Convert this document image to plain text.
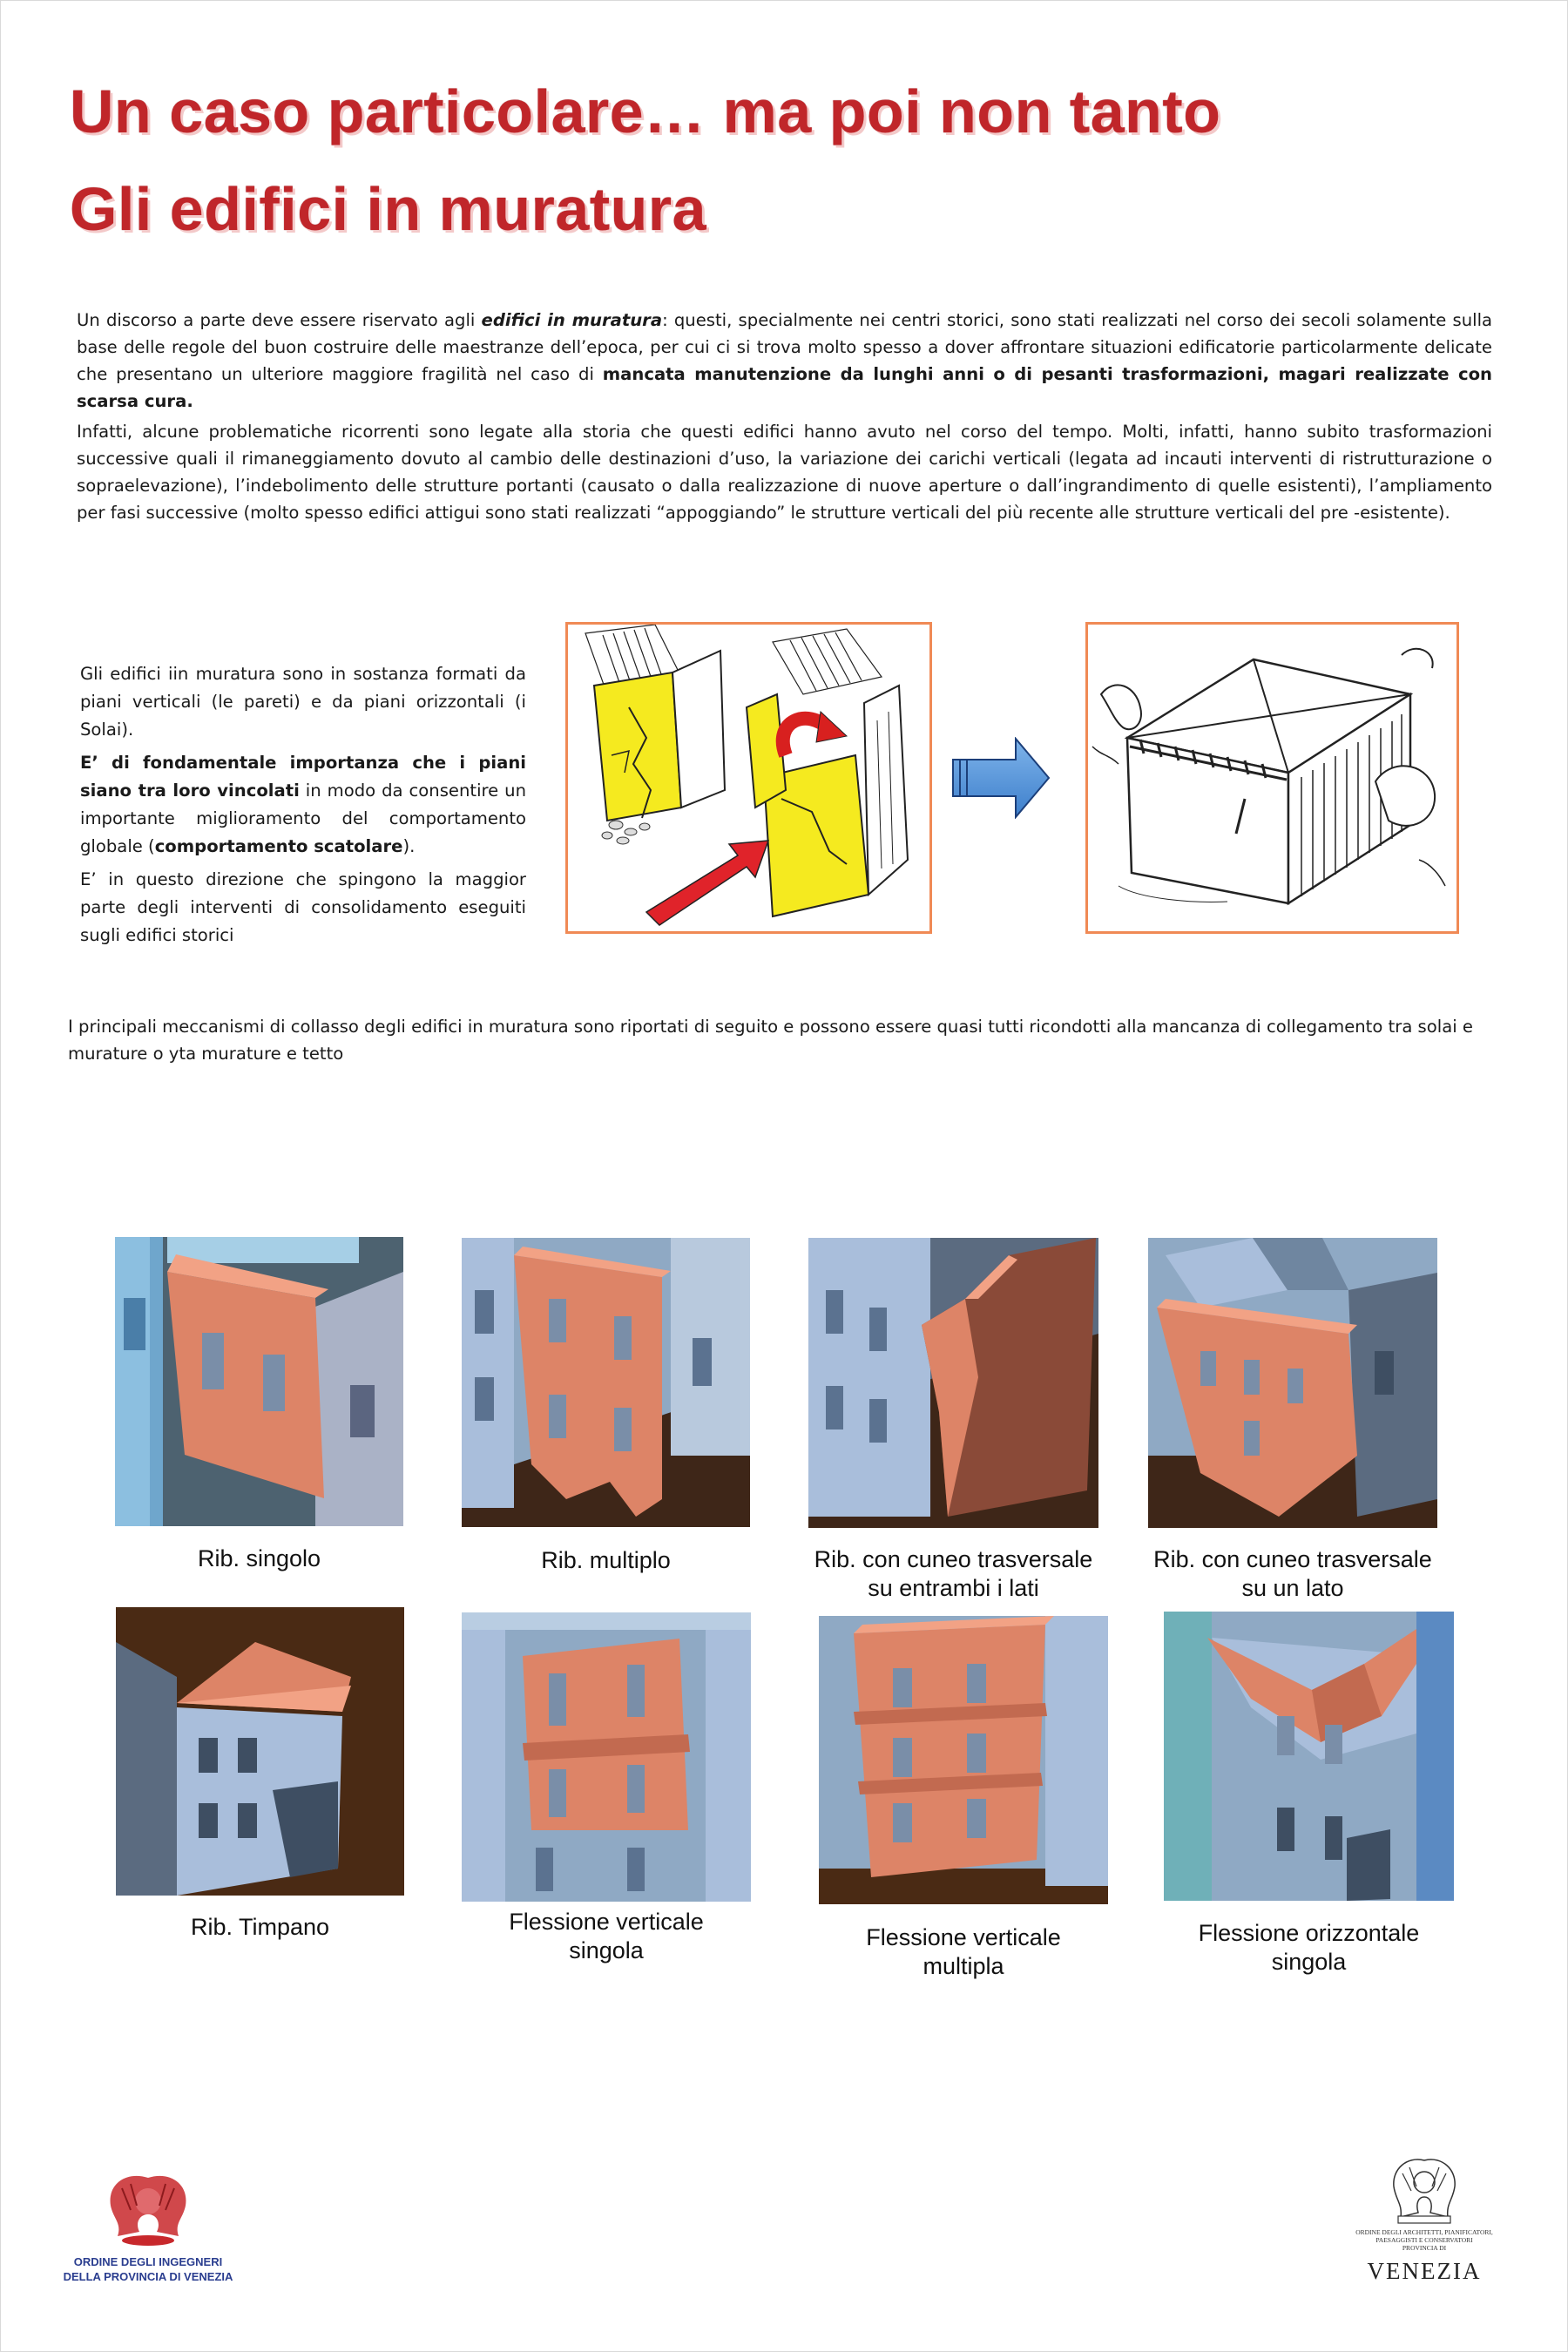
Un caso particolare… ma poi non tanto
Gli edifici in muratura
Un discorso a parte deve essere riservato agli edifici in muratura: questi, specialmente nei centri storici, sono stati realizzati nel corso dei secoli solamente sulla base delle regole del buon costruire delle maestranze dell’epoca, per cui ci si trova molto spesso a dover affrontare situazioni edificatorie particolarmente delicate che presentano un ulteriore maggiore fragilità nel caso di mancata manutenzione da lunghi anni o di pesanti trasformazioni, magari realizzate con scarsa cura.
Infatti, alcune problematiche ricorrenti sono legate alla storia che questi edifici hanno avuto nel corso del tempo. Molti, infatti, hanno subito trasformazioni successive quali il rimaneggiamento dovuto al cambio delle destinazioni d’uso, la variazione dei carichi verticali (legata ad incauti interventi di ristrutturazione o sopraelevazione), l’indebolimento delle strutture portanti (causato o dalla realizzazione di nuove aperture o dall’ingrandimento di quelle esistenti), l’ampliamento per fasi successive (molto spesso edifici attigui sono stati realizzati “appoggiando” le strutture verticali del più recente alle strutture verticali del pre -esistente).

Gli edifici iin muratura sono in sostanza formati da piani verticali (le pareti) e da piani orizzontali (i Solai).

E’ di fondamentale importanza che i piani siano tra loro vincolati in modo da consentire un importante miglioramento del comportamento globale (comportamento scatolare).

E’ in questo direzione che spingono la maggior parte degli interventi di consolidamento eseguiti sugli edifici storici

I principali meccanismi di collasso degli edifici in muratura sono riportati di seguito e possono essere quasi tutti ricondotti alla mancanza di collegamento tra solai e murature o yta murature e tetto
Rib. singolo	Rib. multiplo	Rib. con cuneo trasversale
su entrambi i lati
Rib. con cuneo trasversale
su un lato
Rib. Timpano	Flessione verticale
singola	Flessione verticale
multipla
Flessione orizzontale
singola
ORDINE DEGLI INGEGNERI
DELLA PROVINCIA DI VENEZIA
ORDINE DEGLI ARCHITETTI, PIANIFICATORI,
PAESAGGISTI E CONSERVATORI
PROVINCIA DI
VENEZIA
